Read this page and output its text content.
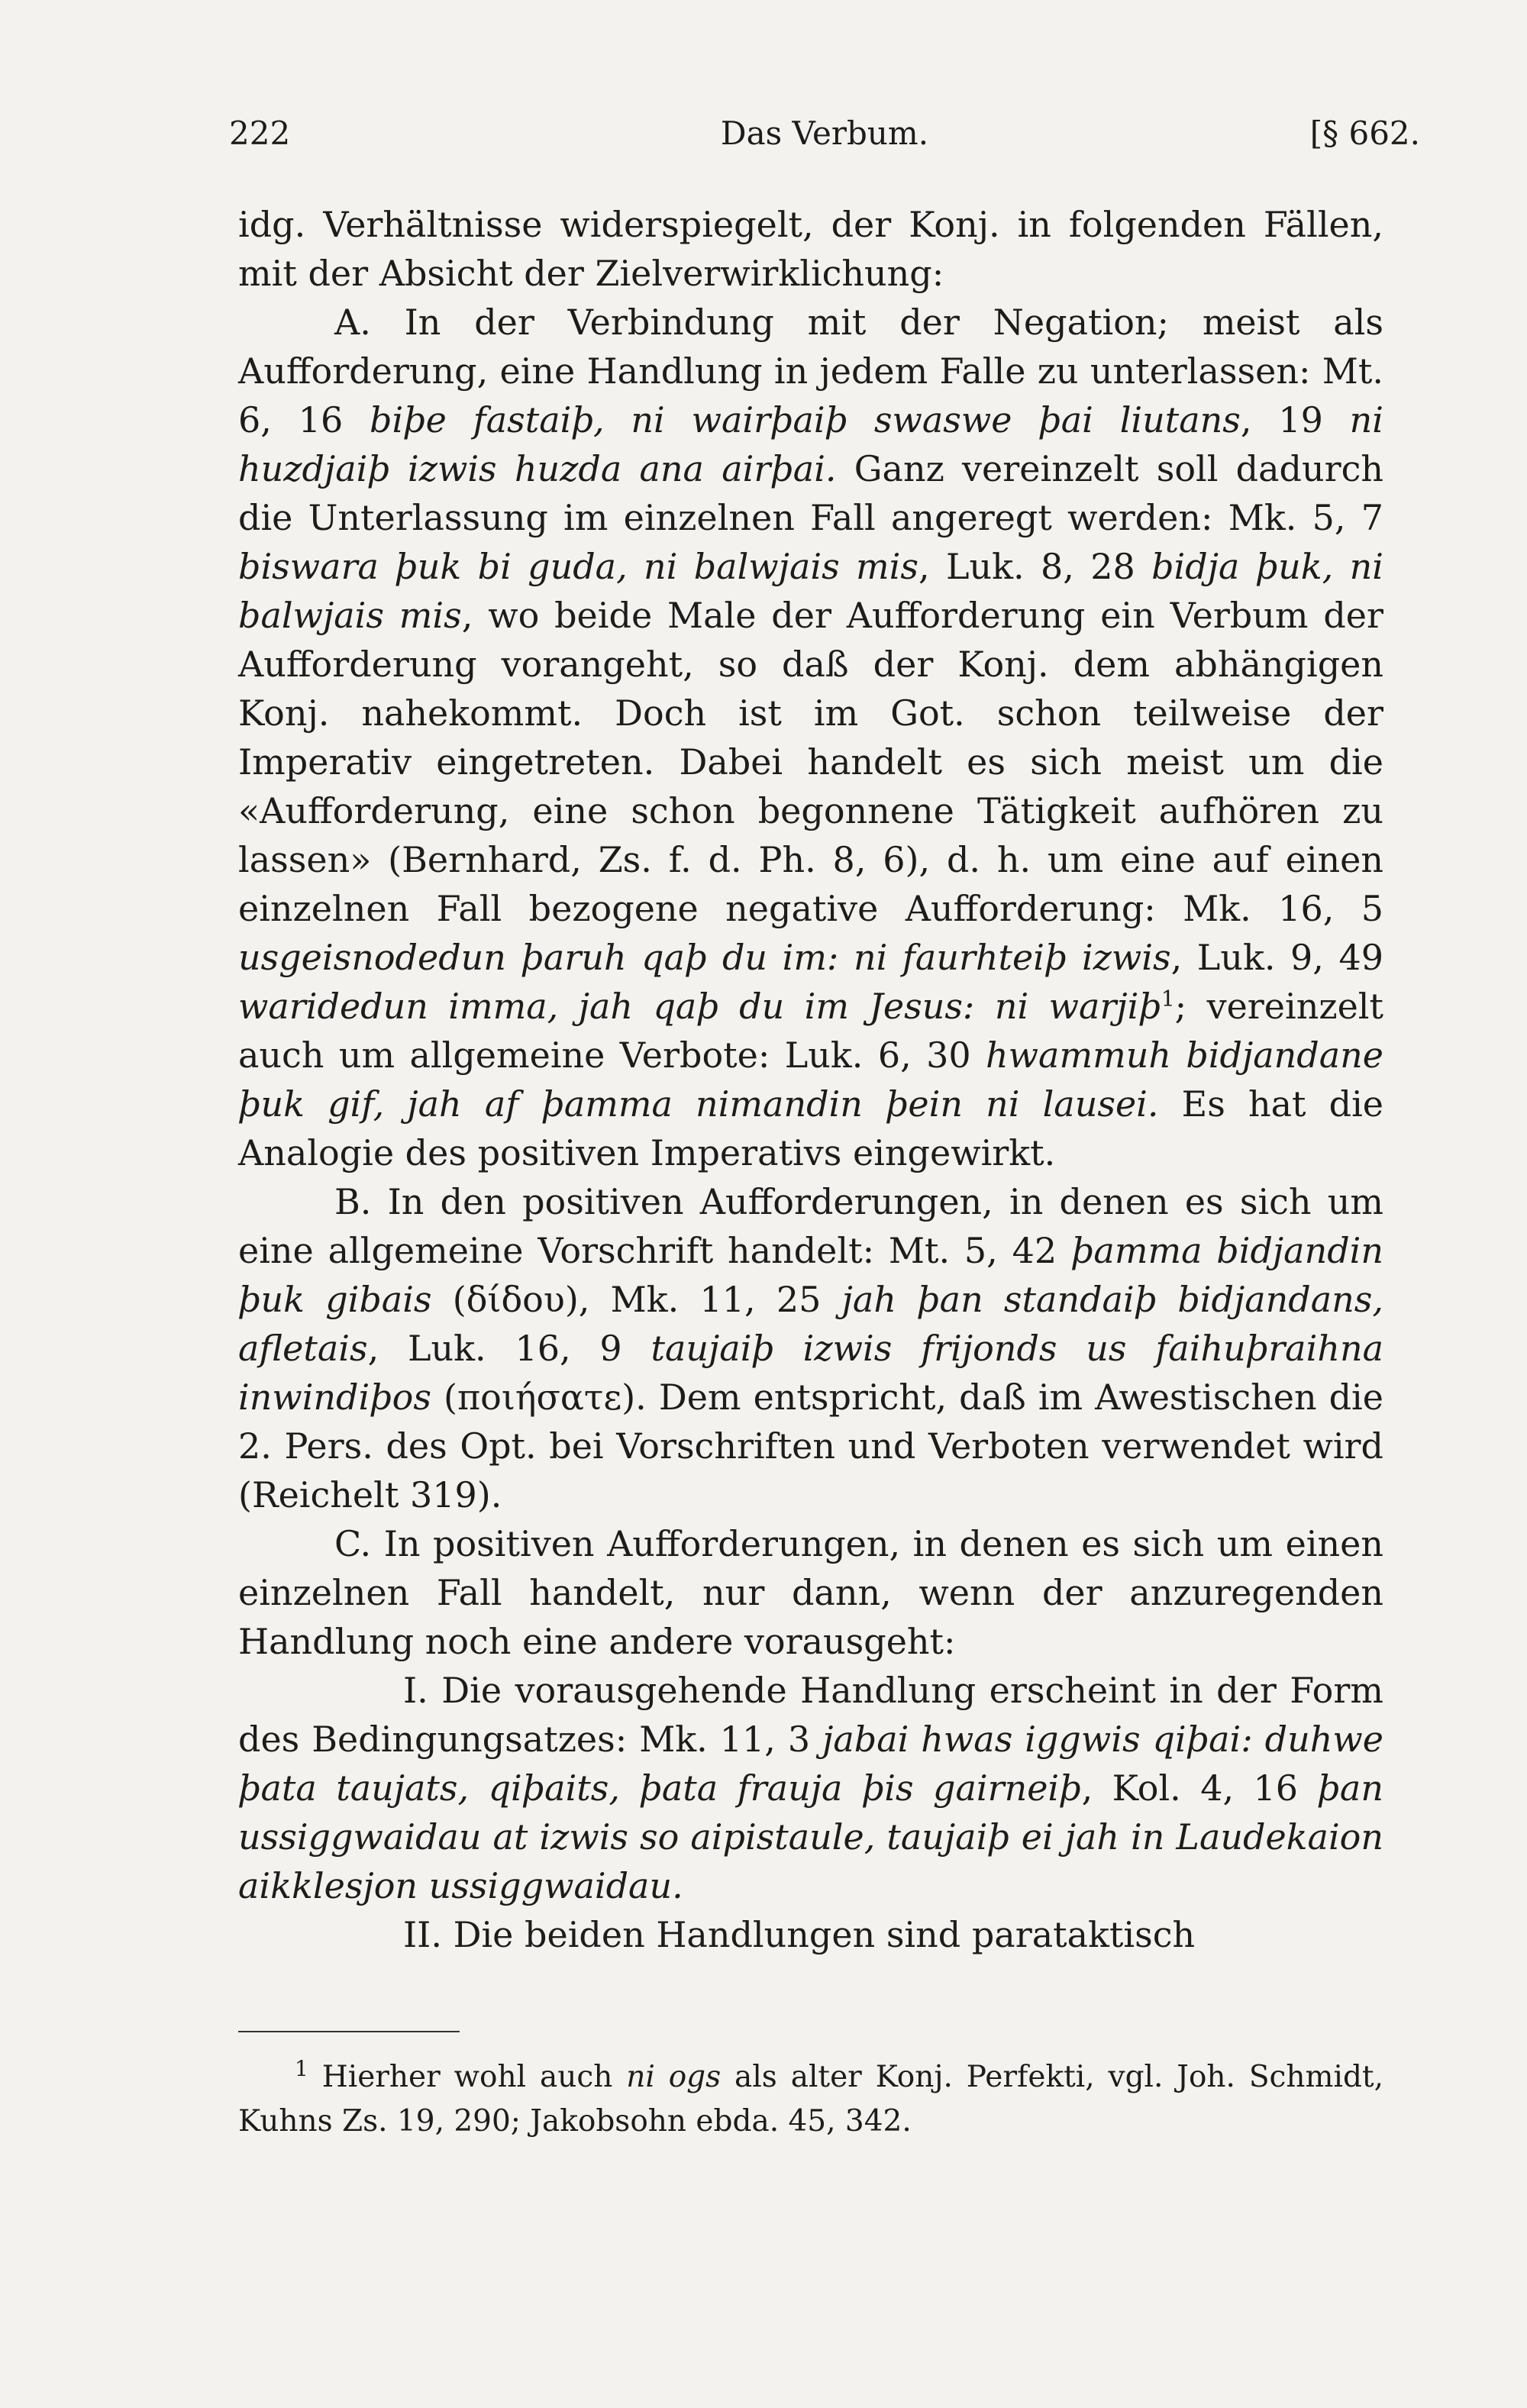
222	Das Verbum.	[§ 662.

idg. Verhältnisse widerspiegelt, der Konj. in folgenden Fällen, mit der Absicht der Zielverwirklichung:

A. In der Verbindung mit der Negation; meist als Aufforderung, eine Handlung in jedem Falle zu unterlassen: Mt. 6, 16 biþe fastaiþ, ni wairþaiþ swaswe þai liutans, 19 ni huzdjaiþ izwis huzda ana airþai. Ganz vereinzelt soll dadurch die Unterlassung im einzelnen Fall angeregt werden: Mk. 5, 7 biswara þuk bi guda, ni balwjais mis, Luk. 8, 28 bidja þuk, ni balwjais mis, wo beide Male der Aufforderung ein Verbum der Aufforderung vorangeht, so daß der Konj. dem abhängigen Konj. nahekommt. Doch ist im Got. schon teilweise der Imperativ eingetreten. Dabei handelt es sich meist um die «Aufforderung, eine schon begonnene Tätigkeit aufhören zu lassen» (Bernhard, Zs. f. d. Ph. 8, 6), d. h. um eine auf einen einzelnen Fall bezogene negative Aufforderung: Mk. 16, 5 usgeisnodedun þaruh qaþ du im: ni faurhteiþ izwis, Luk. 9, 49 waridedun imma, jah qaþ du im Jesus: ni warjiþ$^1$; vereinzelt auch um allgemeine Verbote: Luk. 6, 30 hwammuh bidjandane þuk gif, jah af þamma nimandin þein ni lausei. Es hat die Analogie des positiven Imperativs eingewirkt.

B. In den positiven Aufforderungen, in denen es sich um eine allgemeine Vorschrift handelt: Mt. 5, 42 þamma bidjandin þuk gibais (δίδου), Mk. 11, 25 jah þan standaiþ bidjandans, afletais, Luk. 16, 9 taujaiþ izwis frijonds us faihuþraihna inwindiþos (ποιήσατε). Dem entspricht, daß im Awestischen die 2. Pers. des Opt. bei Vorschriften und Verboten verwendet wird (Reichelt 319).

C. In positiven Aufforderungen, in denen es sich um einen einzelnen Fall handelt, nur dann, wenn der anzuregenden Handlung noch eine andere vorausgeht:

I. Die vorausgehende Handlung erscheint in der Form des Bedingungsatzes: Mk. 11, 3 jabai hwas iggwis qiþai: duhwe þata taujats, qiþaits, þata frauja þis gairneiþ, Kol. 4, 16 þan ussiggwaidau at izwis so aipistaule, taujaiþ ei jah in Laudekaion aikklesjon ussiggwaidau.

II. Die beiden Handlungen sind parataktisch

$^1$ Hierher wohl auch ni ogs als alter Konj. Perfekti, vgl. Joh. Schmidt, Kuhns Zs. 19, 290; Jakobsohn ebda. 45, 342.
